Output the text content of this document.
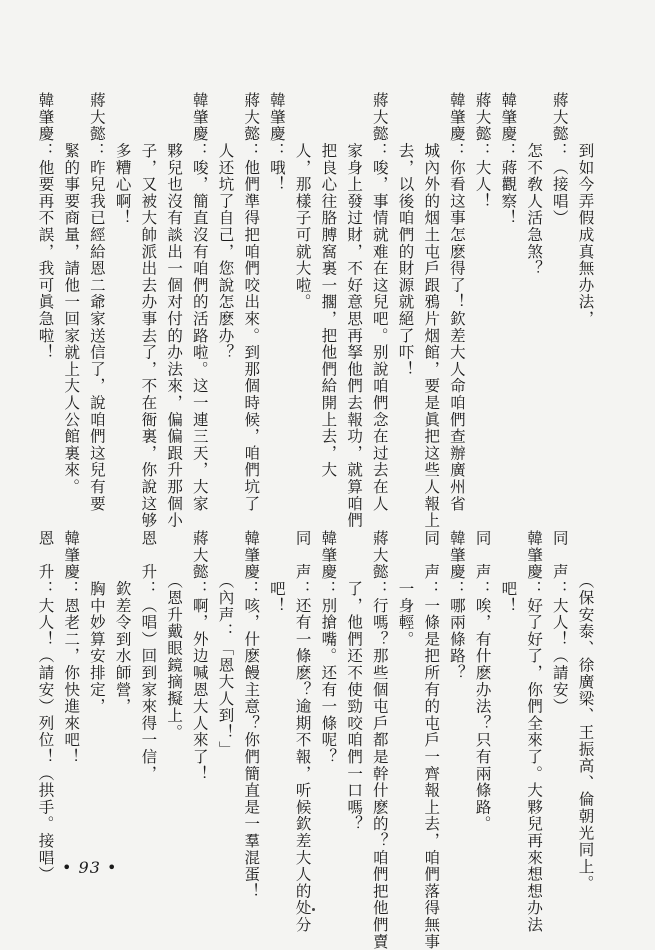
　　　到如今弄假成真無办法，
蔣大懿：（接唱）
　　　怎不敎人活急煞？
韓肇慶：蔣觀察！
蔣大懿：大人！
韓肇慶：你看这事怎麽得了！欽差大人命咱們查辦廣州省
　　　城內外的烟土屯戶跟鴉片烟館，要是眞把这些人報上
　　　去，以後咱們的財源就絕了吓！
蔣大懿：唆，事情就难在这兒吧。别說咱們念在过去在人
　　　家身上發过財，不好意思再拏他們去報功，就算咱們
　　　把良心往胳膊窩裏一擱，把他們給開上去，大
　　　人，那樣子可就大啦。
韓肇慶：哦！
蔣大懿：他們準得把咱們咬出來。到那個時候，咱們坑了
　　　人还坑了自己，您說怎麽办？
韓肇慶：唆，簡直沒有咱們的活路啦。这一連三天，大家
　　　夥兒也沒有談出一個对付的办法來，偏偏跟升那個小
　　　子，又被大帥派出去办事去了，不在衙裏，你說这够
　　　多糟心啊！
蔣大懿：昨兒我已經給恩二爺家送信了，說咱們这兒有要
　　　（保安泰、徐廣梁、王振高、倫朝光同上。
同　声：大人！（請安）
韓肇慶：好了好了，你們全來了。大夥兒再來想想办法
　　　吧！
同　声：唉，有什麽办法？只有兩條路。
韓肇慶：哪兩條路？
同　声：一條是把所有的屯戶一齊報上去，咱們落得無事
　　　一身輕。
蔣大懿：行嗎？那些個屯戶都是幹什麽的？咱們把他們賣
　　　了，他們还不使勁咬咱們一口嗎？
韓肇慶：別搶嘴。还有一條呢？
同　声：还有一條麽？逾期不報，听候欽差大人的处分
　　　吧！
韓肇慶：咳，什麽饅主意？你們簡直是一羣混蛋！
　　　（內声：「恩大人到！」
蔣大懿：啊，外边喊恩大人來了！
　　　（恩升戴眼鏡摘擬上。
恩　升：（唱）回到家來得一信，
　　　欽差令到水師營，
　　　胸中妙算安排定，
• 93 •
　　　緊的事要商量，請他一回家就上大人公館裏來。
韓肇慶：他要再不誤，我可眞急啦！
韓肇慶：恩老二，你快進來吧！
恩　升：大人！（請安）列位！（拱手。接唱）
